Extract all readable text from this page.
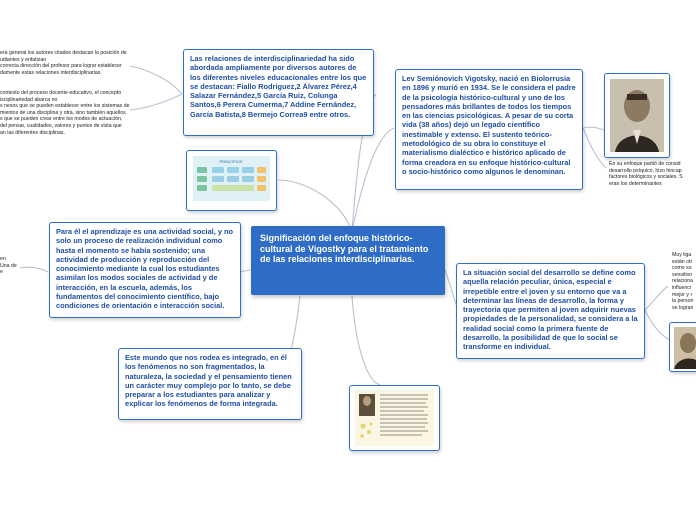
era general los autores citados destacan la posición de
udiantes y enfatizan
correcta dirección del profesor para lograr establecer
damente estas relaciones interdisciplinarias.
contexto del proceso docente-educativo, el concepto
isciplinariedad abarca no
s nexos que se pueden establecer entre los sistemas de
mientos de una disciplina y otra, sino también aquellos
s que se pueden crear entre los modos de actuación,
del pensar, cualidades, valores y puntos de vista que
an las diferentes disciplinas.
en
Una de
e
En su enfoque partió de consid
desarrollo psíquico, hizo hincap
factores biológicos y sociales. S
eran los determinantes
Muy liga
están otr
como so
sensitivo
relaciona
influenci
mejor y r
la person
se logran
Las relaciones de interdisciplinariedad ha sido abordada ampliamente por diversos autores de los diferentes niveles educacionales entre los que se destacan: Fiallo Rodríguez,2 Álvarez Pérez,4 Salazar Fernández,5 García Ruiz, Colunga Santos,6 Perera Cumerma,7 Addine Fernández, García Batista,8 Bermejo Correa9 entre otros.
PRINCIPIOS
Lev Semiónovich Vigotsky, nació en Biolorrusia en 1896 y murió en 1934. Se le considera el padre de la psicología histórico-cultural y uno de los pensadores más brillantes de todos los tiempos en las ciencias psicológicas. A pesar de su corta vida (38 años) dejó un legado científico inestimable y extenso. El sustento teórico-metodológico de su obra lo constituye el materialismo dialéctico e histórico aplicado de forma creadora en su enfoque histórico-cultural o socio-histórico como algunos le denominan.
Significación del enfoque histórico-cultural de Vigostky para el tratamiento de las relaciones interdisciplinarias.
Para él el aprendizaje es una actividad social, y no solo un proceso de realización individual como hasta el momento se había sostenido; una actividad de producción y reproducción del conocimiento mediante la cual los estudiantes asimilan los modos sociales de actividad y de interacción, en la escuela, además, los fundamentos del conocimiento científico, bajo condiciones de orientación e interacción social.
La situación social del desarrollo se define como aquella relación peculiar, única, especial e irrepetible entre el joven y su entorno que va a determinar las líneas de desarrollo, la forma y trayectoria que permiten al joven adquirir nuevas propiedades de la personalidad, se considera a la realidad social como la primera fuente de desarrollo, la posibilidad de que lo social se transforme en individual.
Este mundo que nos rodea es integrado, en él los fenómenos no son fragmentados, la naturaleza, la sociedad y el pensamiento tienen un carácter muy complejo por lo tanto, se debe preparar a los estudiantes para analizar y explicar los fenómenos de forma integrada.
